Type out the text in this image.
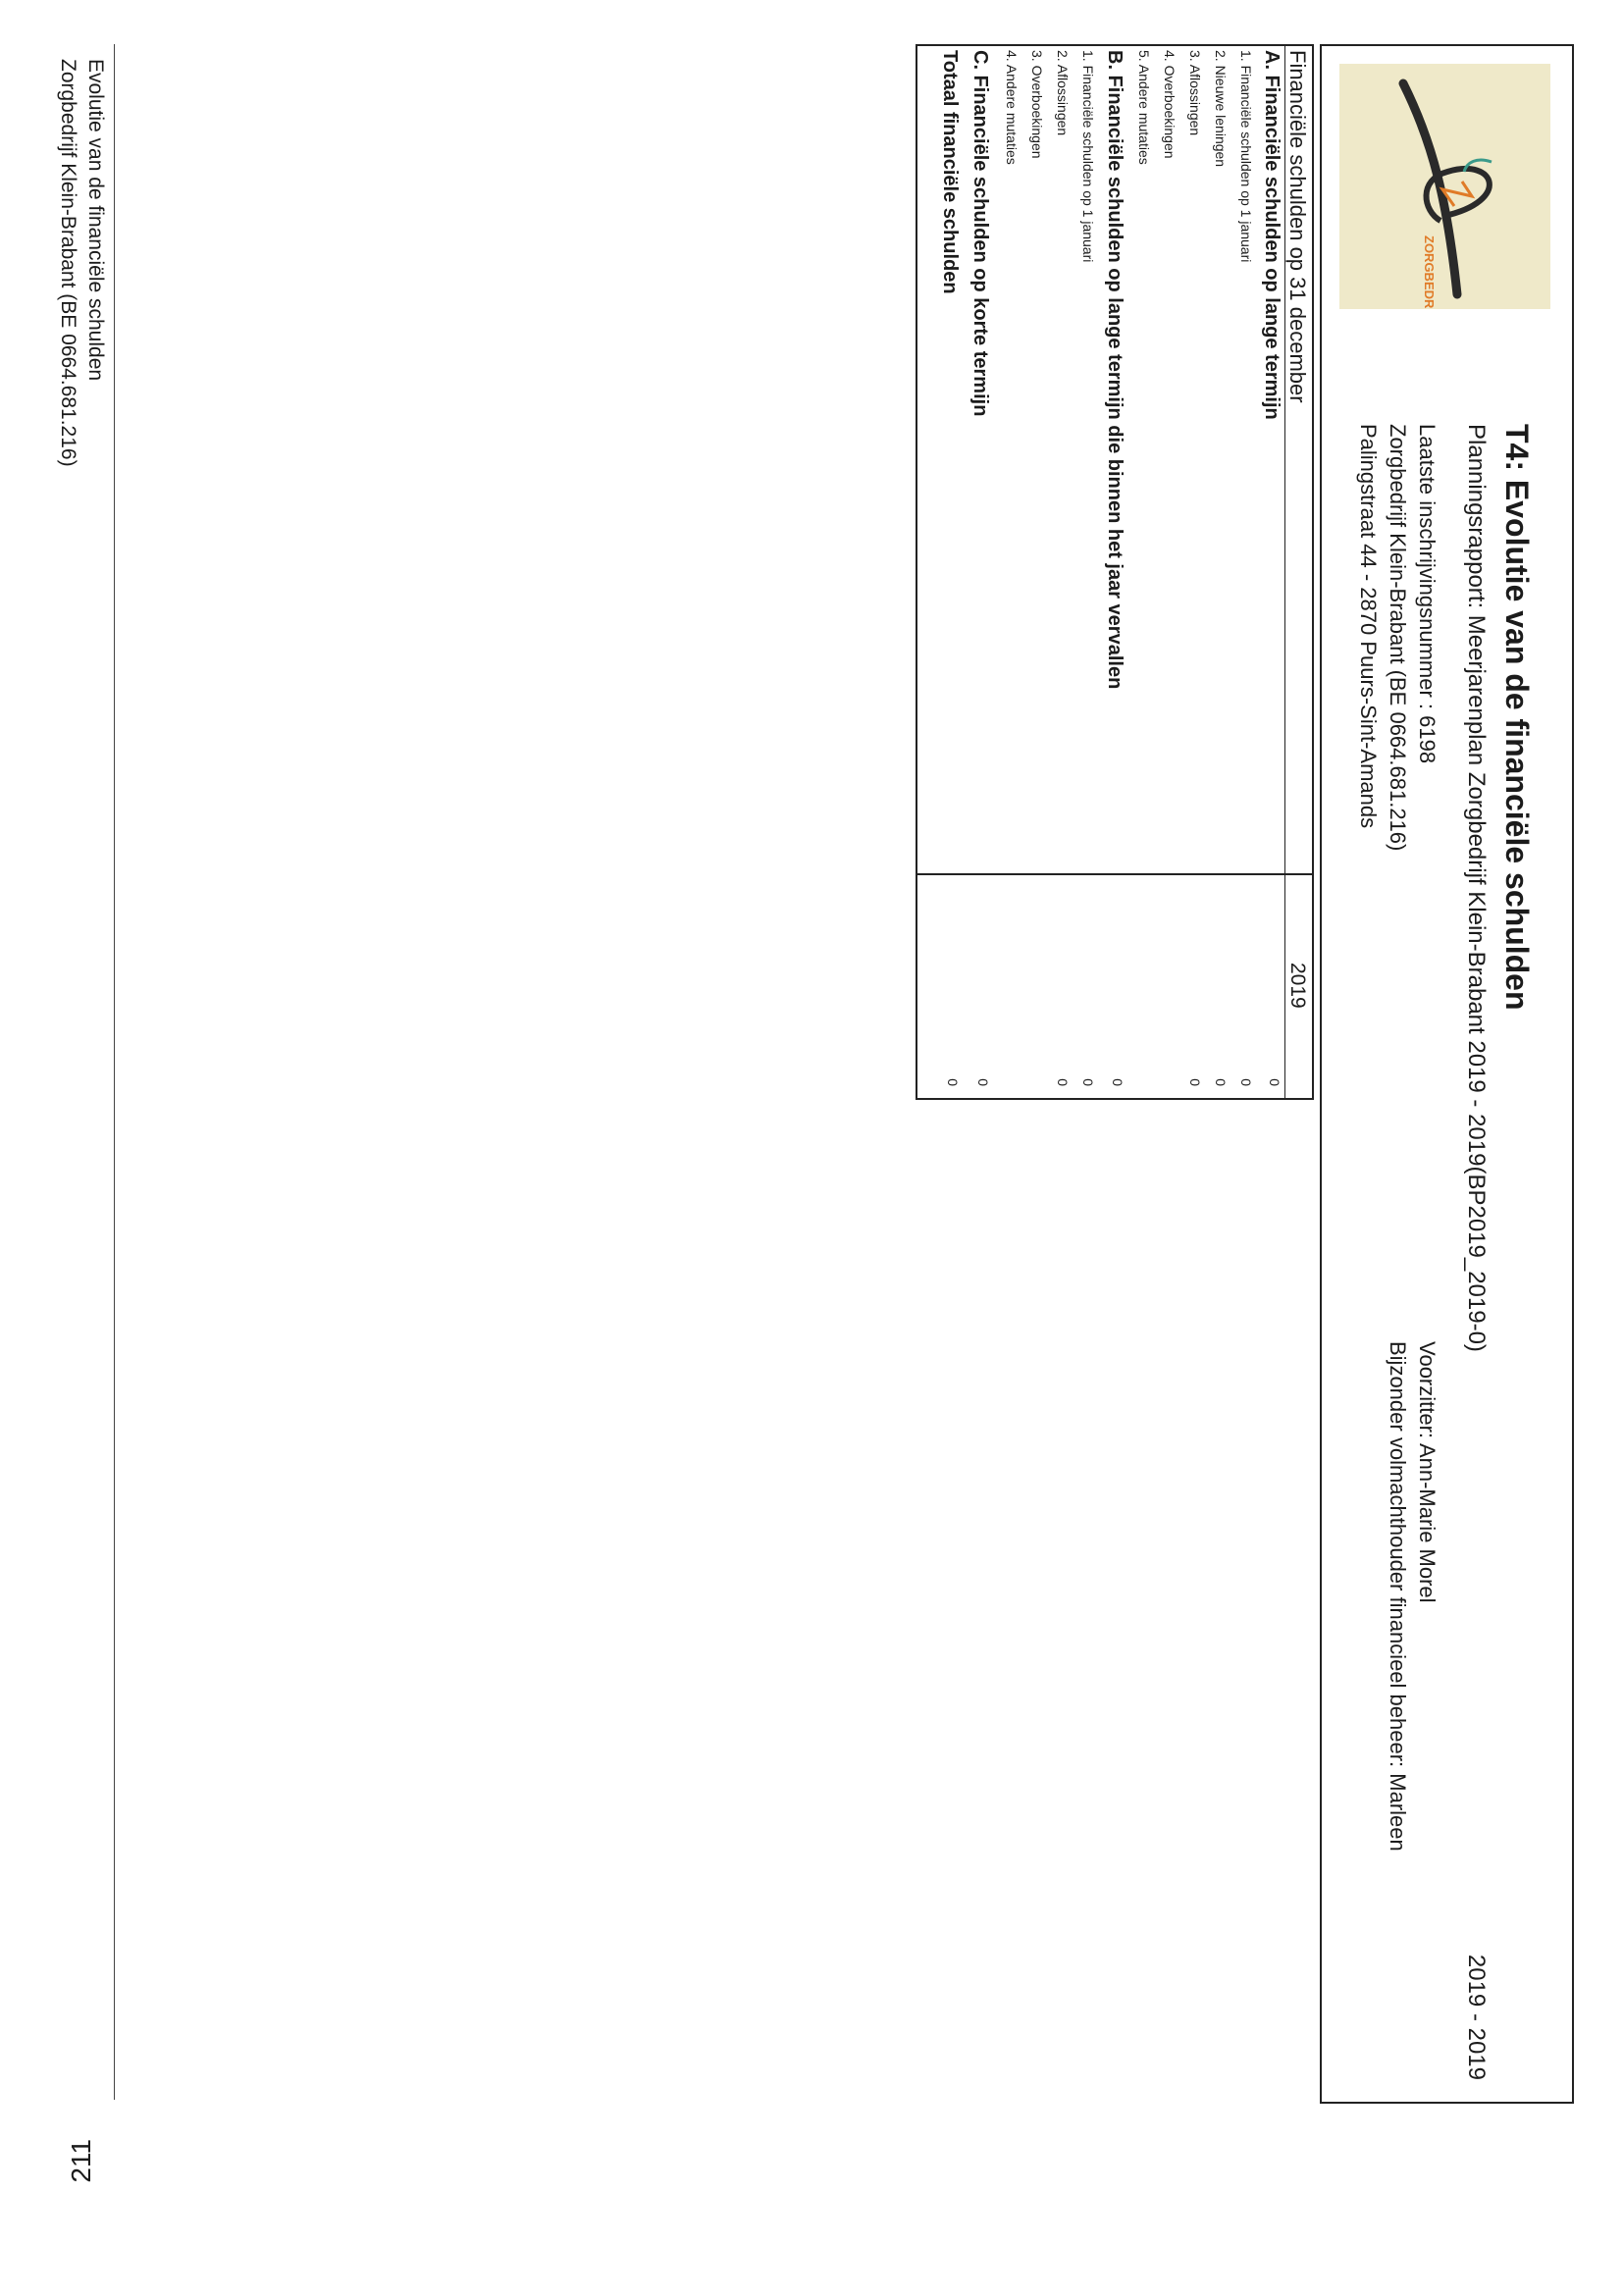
ZORGBEDRIJF
T4: Evolutie van de financiële schulden
Planningsrapport: Meerjarenplan Zorgbedrijf Klein-Brabant 2019 - 2019(BP2019_2019-0)
2019 - 2019
Laatste inschrijvingsnummer : 6198
Zorgbedrijf Klein-Brabant (BE 0664.681.216)
Palingstraat 44 - 2870 Puurs-Sint-Amands
Voorzitter: Ann-Marie Morel
Bijzonder volmachthouder financieel beheer: Marleen
Financiële schulden op 31 december
2019
A. Financiële schulden op lange termijn
0
1. Financiële schulden op 1 januari
0
2. Nieuwe leningen
0
3. Aflossingen
0
4. Overboekingen
5. Andere mutaties
B. Financiële schulden op lange termijn die binnen het jaar vervallen
0
1. Financiële schulden op 1 januari
0
2. Aflossingen
0
3. Overboekingen
4. Andere mutaties
C. Financiële schulden op korte termijn
0
Totaal financiële schulden
0
Evolutie van de financiële schulden
Zorgbedrijf Klein-Brabant (BE 0664.681.216)
211
